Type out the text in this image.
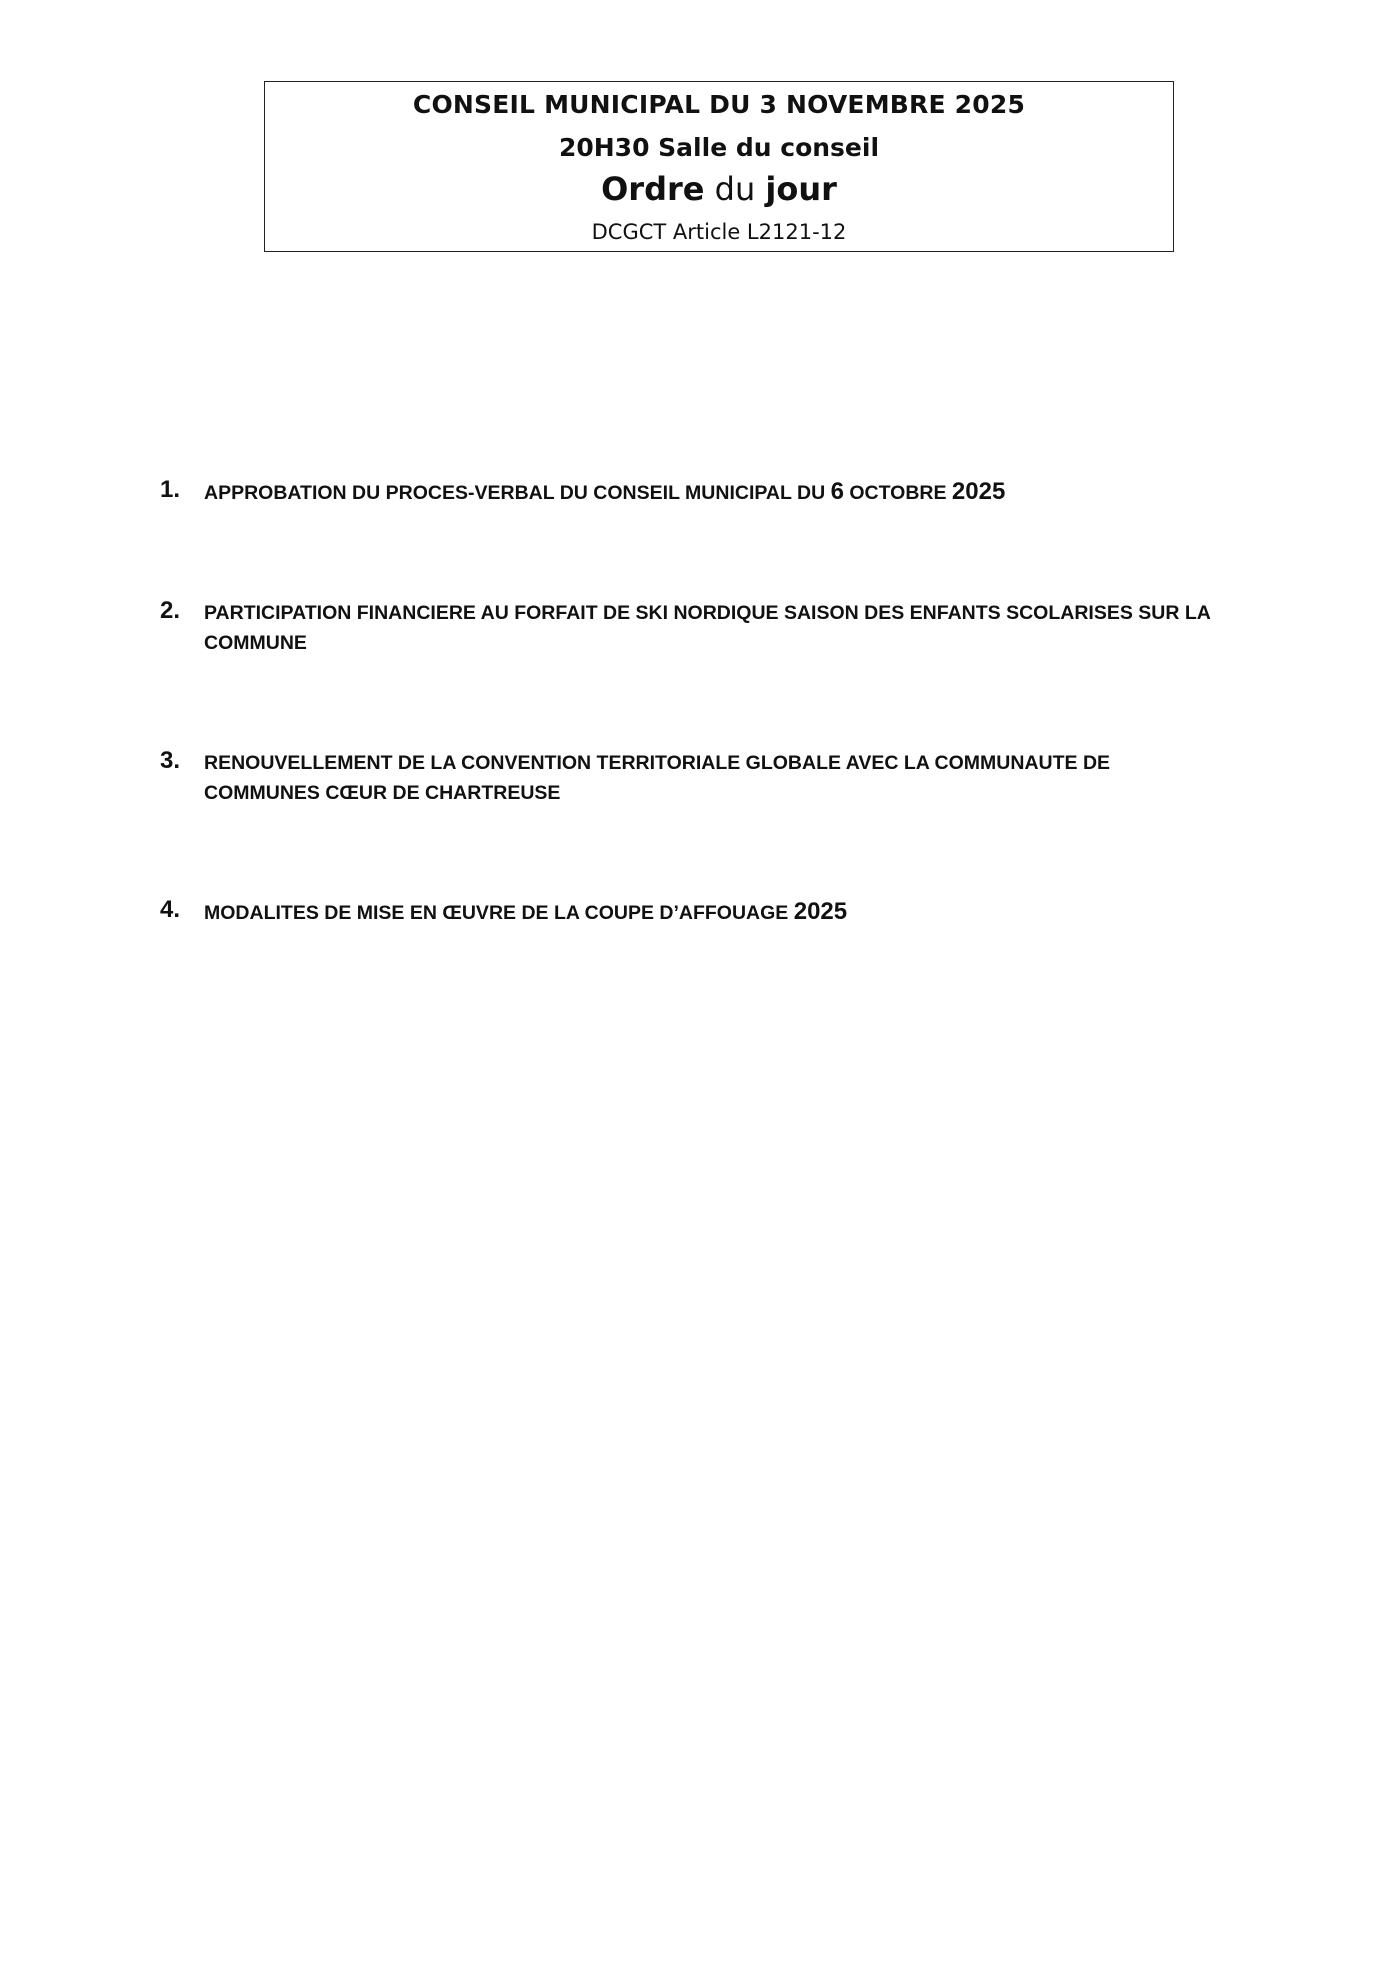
CONSEIL MUNICIPAL DU 3 NOVEMBRE 2025
20H30 Salle du conseil
Ordre du jour
DCGCT Article L2121-12
1. APPROBATION DU PROCES-VERBAL DU CONSEIL MUNICIPAL DU 6 OCTOBRE 2025
2. PARTICIPATION FINANCIERE AU FORFAIT DE SKI NORDIQUE SAISON DES ENFANTS SCOLARISES SUR LA
COMMUNE
3. RENOUVELLEMENT DE LA CONVENTION TERRITORIALE GLOBALE AVEC LA COMMUNAUTE DE
COMMUNES CŒUR DE CHARTREUSE
4. MODALITES DE MISE EN ŒUVRE DE LA COUPE D’AFFOUAGE 2025
